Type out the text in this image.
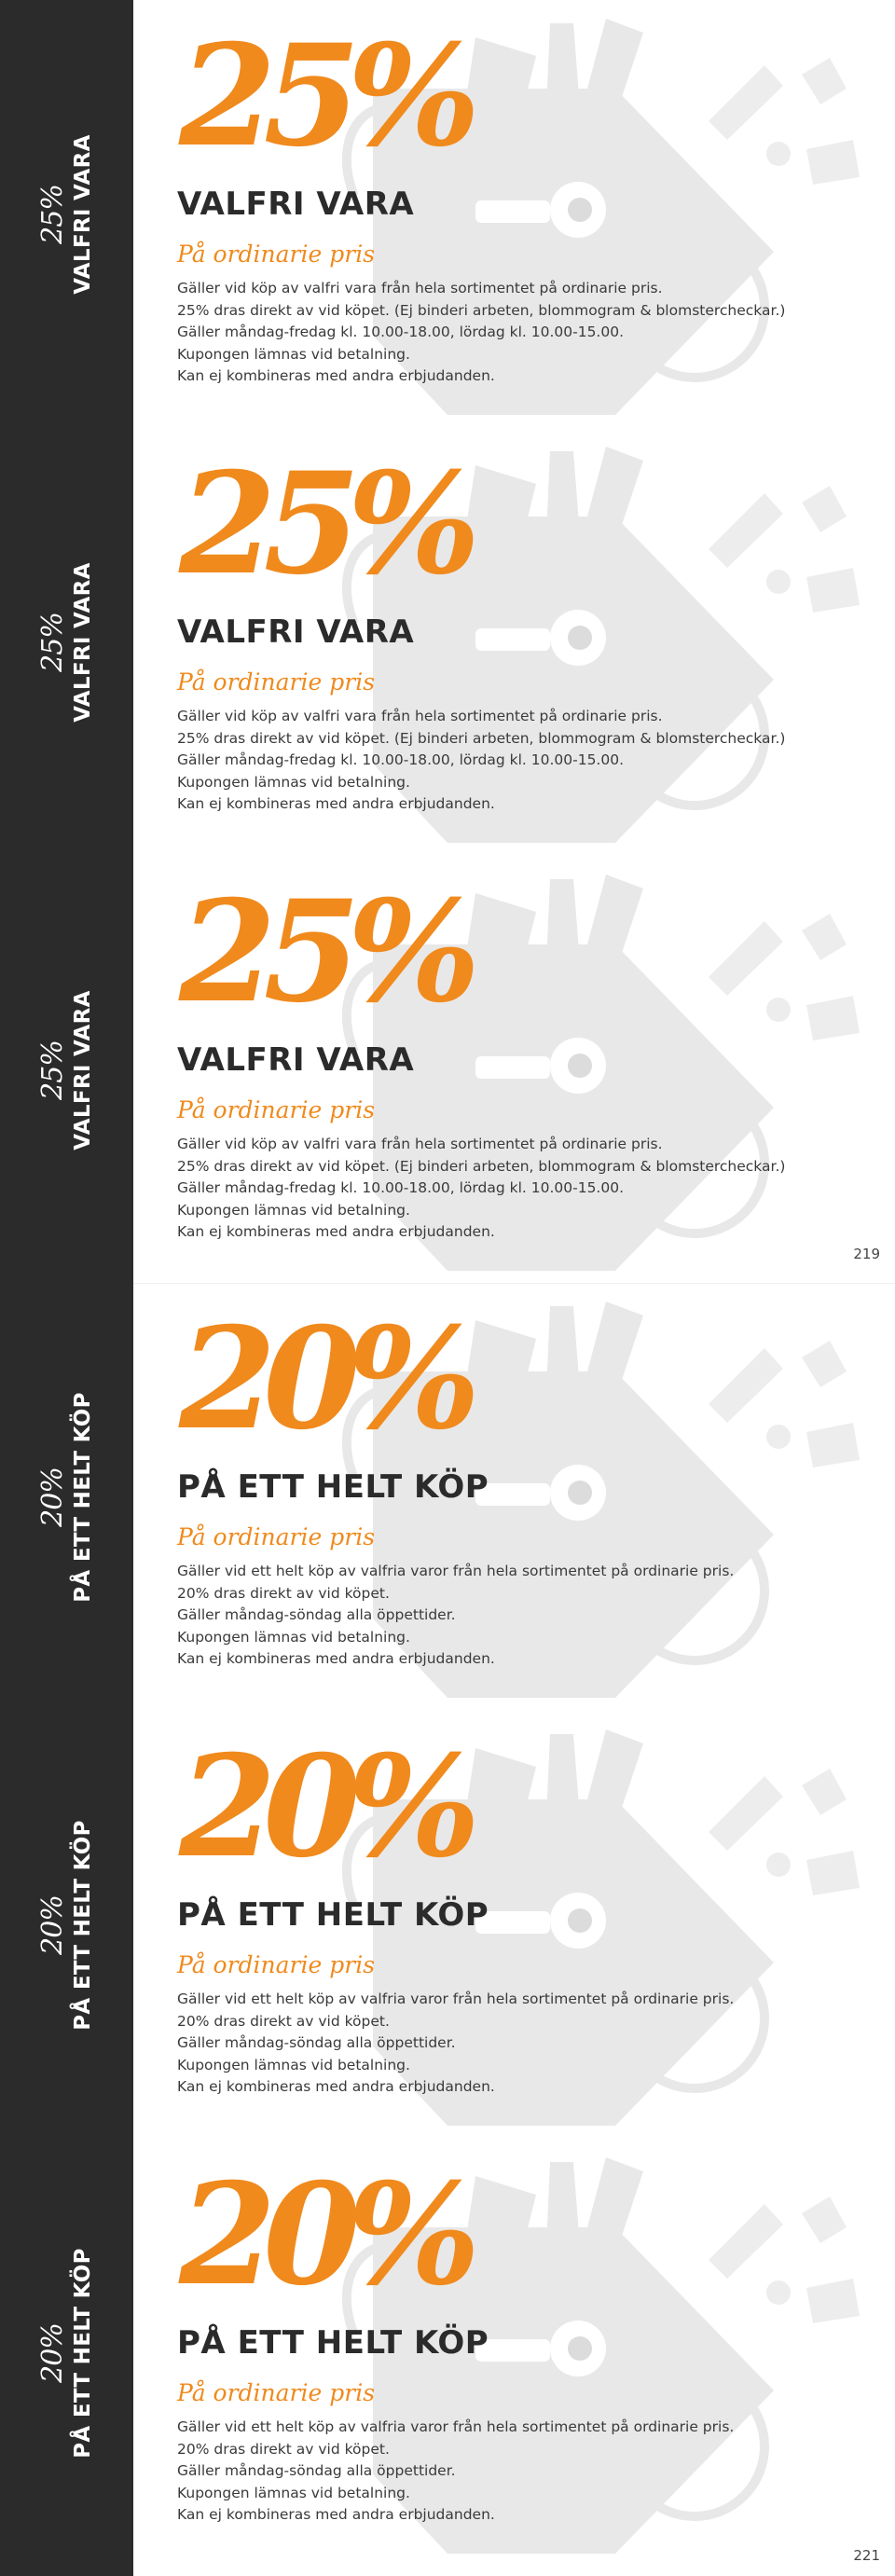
25% VALFRI VARA
25%
VALFRI VARA
På ordinarie pris
Gäller vid köp av valfri vara från hela sortimentet på ordinarie pris.
25% dras direkt av vid köpet. (Ej binderi arbeten, blommogram & blomstercheckar.)
Gäller måndag-fredag kl. 10.00-18.00, lördag kl. 10.00-15.00.
Kupongen lämnas vid betalning.
Kan ej kombineras med andra erbjudanden.
25% VALFRI VARA
25%
VALFRI VARA
På ordinarie pris
Gäller vid köp av valfri vara från hela sortimentet på ordinarie pris.
25% dras direkt av vid köpet. (Ej binderi arbeten, blommogram & blomstercheckar.)
Gäller måndag-fredag kl. 10.00-18.00, lördag kl. 10.00-15.00.
Kupongen lämnas vid betalning.
Kan ej kombineras med andra erbjudanden.
25% VALFRI VARA
25%
VALFRI VARA
På ordinarie pris
Gäller vid köp av valfri vara från hela sortimentet på ordinarie pris.
25% dras direkt av vid köpet. (Ej binderi arbeten, blommogram & blomstercheckar.)
Gäller måndag-fredag kl. 10.00-18.00, lördag kl. 10.00-15.00.
Kupongen lämnas vid betalning.
Kan ej kombineras med andra erbjudanden.
219
20% PÅ ETT HELT KÖP
20%
PÅ ETT HELT KÖP
På ordinarie pris
Gäller vid ett helt köp av valfria varor från hela sortimentet på ordinarie pris.
20% dras direkt av vid köpet.
Gäller måndag-söndag alla öppettider.
Kupongen lämnas vid betalning.
Kan ej kombineras med andra erbjudanden.
20% PÅ ETT HELT KÖP
20%
PÅ ETT HELT KÖP
På ordinarie pris
Gäller vid ett helt köp av valfria varor från hela sortimentet på ordinarie pris.
20% dras direkt av vid köpet.
Gäller måndag-söndag alla öppettider.
Kupongen lämnas vid betalning.
Kan ej kombineras med andra erbjudanden.
20% PÅ ETT HELT KÖP
20%
PÅ ETT HELT KÖP
På ordinarie pris
Gäller vid ett helt köp av valfria varor från hela sortimentet på ordinarie pris.
20% dras direkt av vid köpet.
Gäller måndag-söndag alla öppettider.
Kupongen lämnas vid betalning.
Kan ej kombineras med andra erbjudanden.
221
